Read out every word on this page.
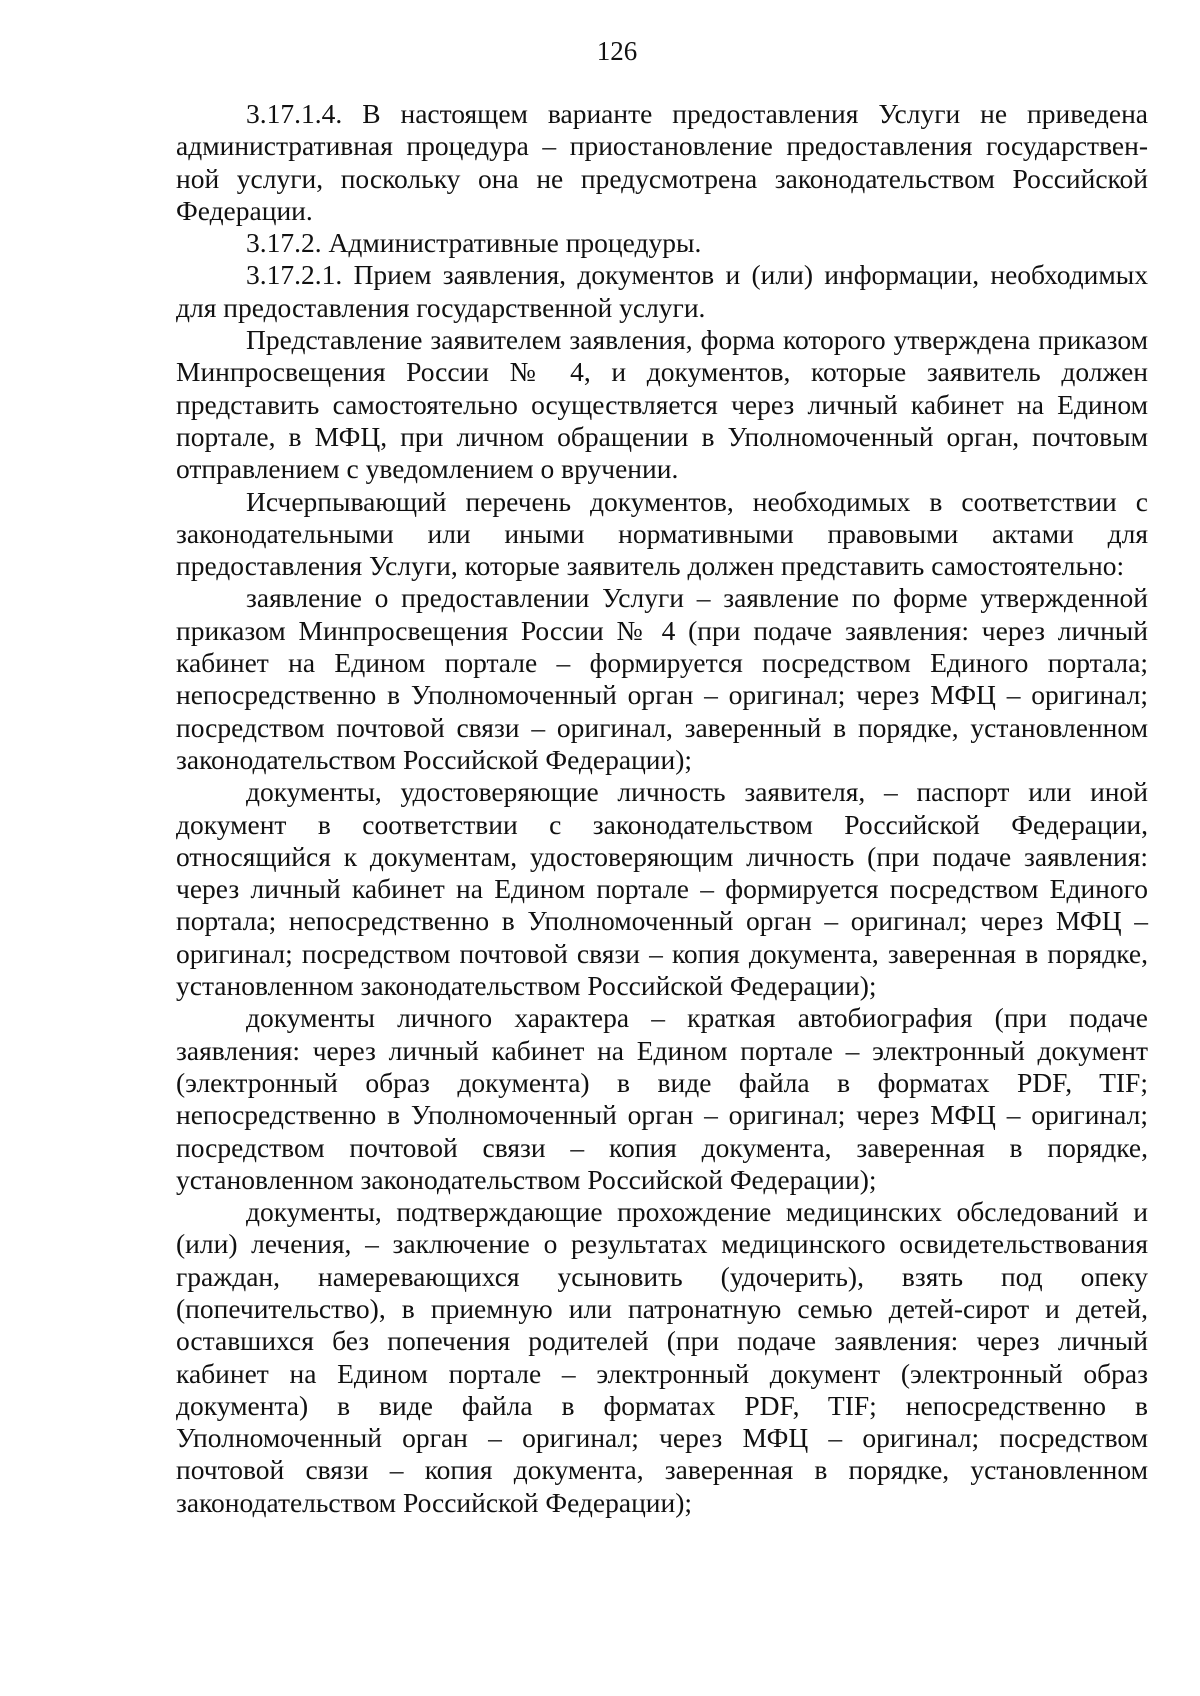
126

3.17.1.4. В настоящем варианте предоставления Услуги не приведена административная процедура – приостановление предоставления государственной услуги, поскольку она не предусмотрена законодательством Российской Федерации.

3.17.2. Административные процедуры.

3.17.2.1. Прием заявления, документов и (или) информации, необходимых для предоставления государственной услуги.

Представление заявителем заявления, форма которого утверждена приказом Минпросвещения России № 4, и документов, которые заявитель должен представить самостоятельно осуществляется через личный кабинет на Едином портале, в МФЦ, при личном обращении в Уполномоченный орган, почтовым отправлением с уведомлением о вручении.

Исчерпывающий перечень документов, необходимых в соответствии с законодательными или иными нормативными правовыми актами для предоставления Услуги, которые заявитель должен представить самостоятельно:

заявление о предоставлении Услуги – заявление по форме утвержденной приказом Минпросвещения России № 4 (при подаче заявления: через личный кабинет на Едином портале – формируется посредством Единого портала; непосредственно в Уполномоченный орган – оригинал; через МФЦ – оригинал; посредством почтовой связи – оригинал, заверенный в порядке, установленном законодательством Российской Федерации);

документы, удостоверяющие личность заявителя, – паспорт или иной документ в соответствии с законодательством Российской Федерации, относящийся к документам, удостоверяющим личность (при подаче заявления: через личный кабинет на Едином портале – формируется посредством Единого портала; непосредственно в Уполномоченный орган – оригинал; через МФЦ – оригинал; посредством почтовой связи – копия документа, заверенная в порядке, установленном законодательством Российской Федерации);

документы личного характера – краткая автобиография (при подаче заявления: через личный кабинет на Едином портале – электронный документ (электронный образ документа) в виде файла в форматах PDF, TIF; непосредственно в Уполномоченный орган – оригинал; через МФЦ – оригинал; посредством почтовой связи – копия документа, заверенная в порядке, установленном законодательством Российской Федерации);

документы, подтверждающие прохождение медицинских обследований и (или) лечения, – заключение о результатах медицинского освидетельствования граждан, намеревающихся усыновить (удочерить), взять под опеку (попечительство), в приемную или патронатную семью детей-сирот и детей, оставшихся без попечения родителей (при подаче заявления: через личный кабинет на Едином портале – электронный документ (электронный образ документа) в виде файла в форматах PDF, TIF; непосредственно в Уполномоченный орган – оригинал; через МФЦ – оригинал; посредством почтовой связи – копия документа, заверенная в порядке, установленном законодательством Российской Федерации);
